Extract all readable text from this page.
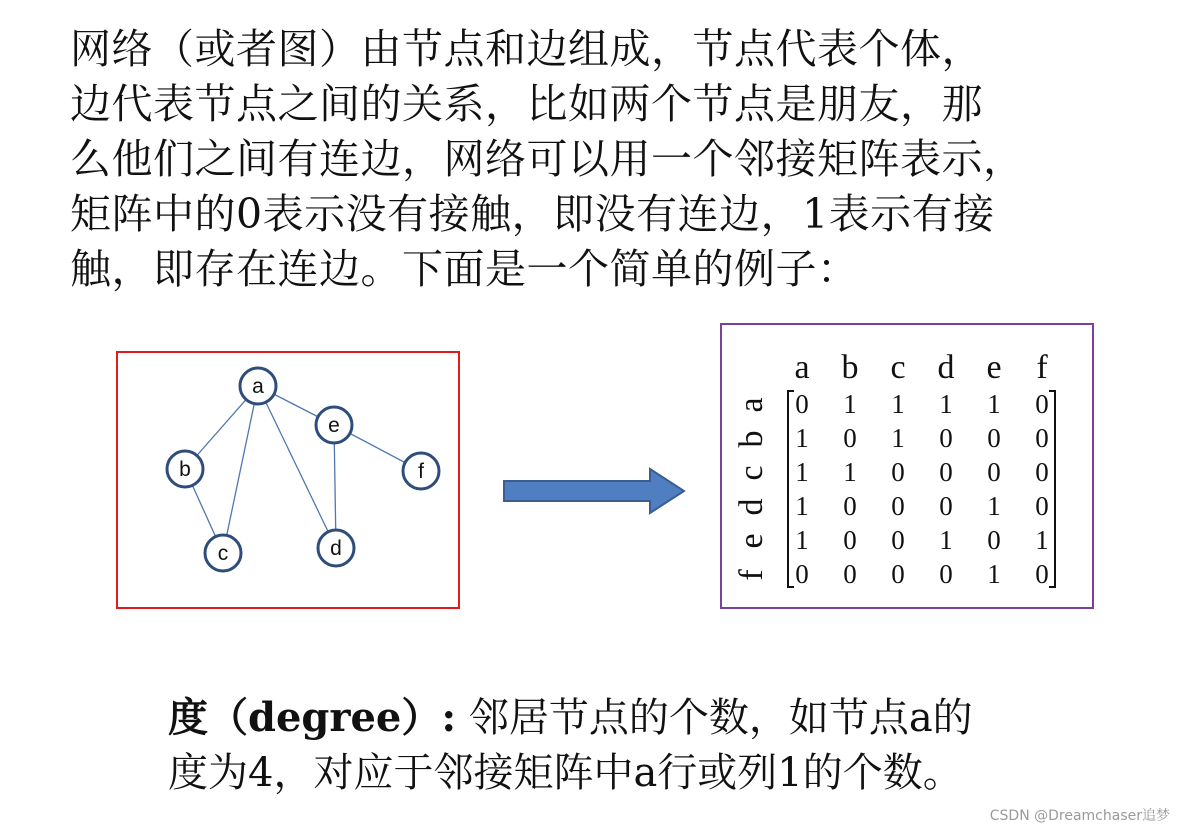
网络（或者图）由节点和边组成，节点代表个体，
边代表节点之间的关系，比如两个节点是朋友，那
么他们之间有连边，网络可以用一个邻接矩阵表示，
矩阵中的0表示没有接触，即没有连边，1表示有接
触，即存在连边。下面是一个简单的例子：
a
b
c	d
e
f
a b c d e f
a
b
c
d
e
f
0 1 1 1 1 0
1 0 1 0 0 0
1 1 0 0 0 0
1 0 0 0 1 0
1 0 0 1 0 1
0 0 0 0 1 0
度（degree）: 邻居节点的个数，如节点a的
度为4，对应于邻接矩阵中a行或列1的个数。
CSDN @Dreamchaser追梦
